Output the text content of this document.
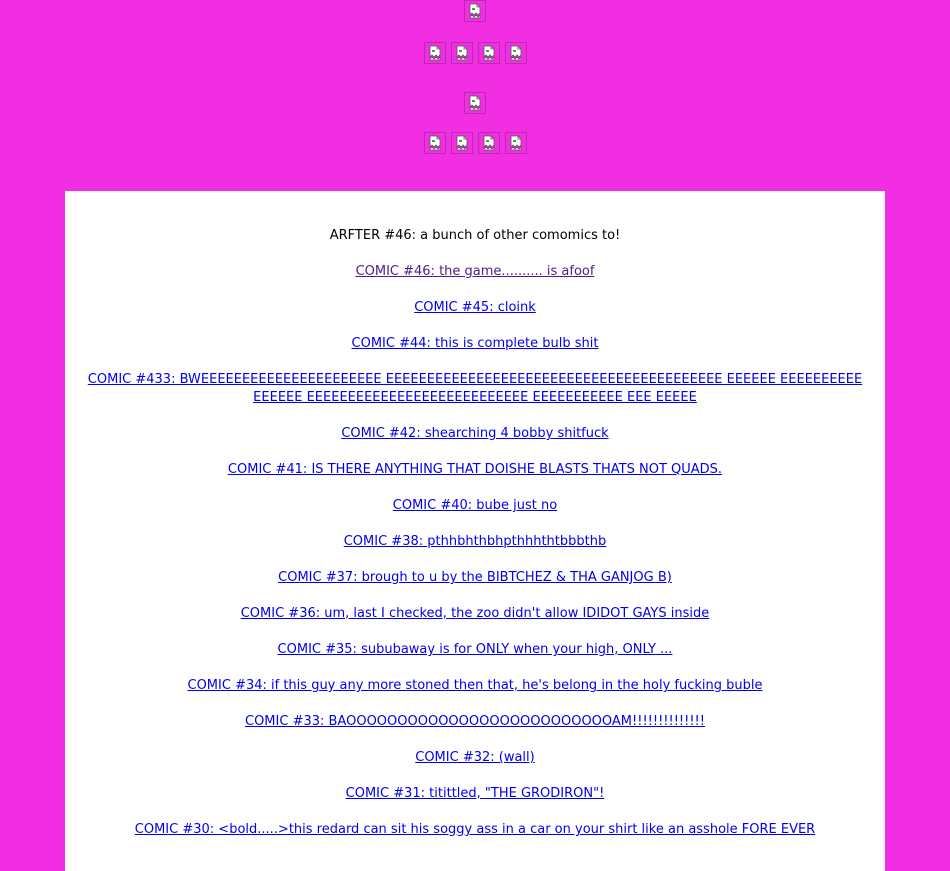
ARFTER #46: a bunch of other comomics to!
COMIC #46: the game.......... is afoof
COMIC #45: cloink
COMIC #44: this is complete bulb shit
COMIC #433: BWEEEEEEEEEEEEEEEEEEEEEE EEEEEEEEEEEEEEEEEEEEEEEEEEEEEEEEEEEEEEEEE EEEEEE EEEEEEEEEE EEEEEE EEEEEEEEEEEEEEEEEEEEEEEEEEE EEEEEEEEEEE EEE EEEEE
COMIC #42: shearching 4 bobby shitfuck
COMIC #41: IS THERE ANYTHING THAT DOISHE BLASTS THATS NOT QUADS.
COMIC #40: bube just no
COMIC #38: pthhbhthbhpthhhthtbbbthb
COMIC #37: brough to u by the BIBTCHEZ & THA GANJOG B)
COMIC #36: um, last I checked, the zoo didn't allow IDIDOT GAYS inside
COMIC #35: sububaway is for ONLY when your high, ONLY ...
COMIC #34: if this guy any more stoned then that, he's belong in the holy fucking buble
COMIC #33: BAOOOOOOOOOOOOOOOOOOOOOOOOOOAM!!!!!!!!!!!!!!
COMIC #32: (wall)
COMIC #31: titittled, "THE GRODIRON"!
COMIC #30: <bold.....>this redard can sit his soggy ass in a car on your shirt like an asshole FORE EVER
